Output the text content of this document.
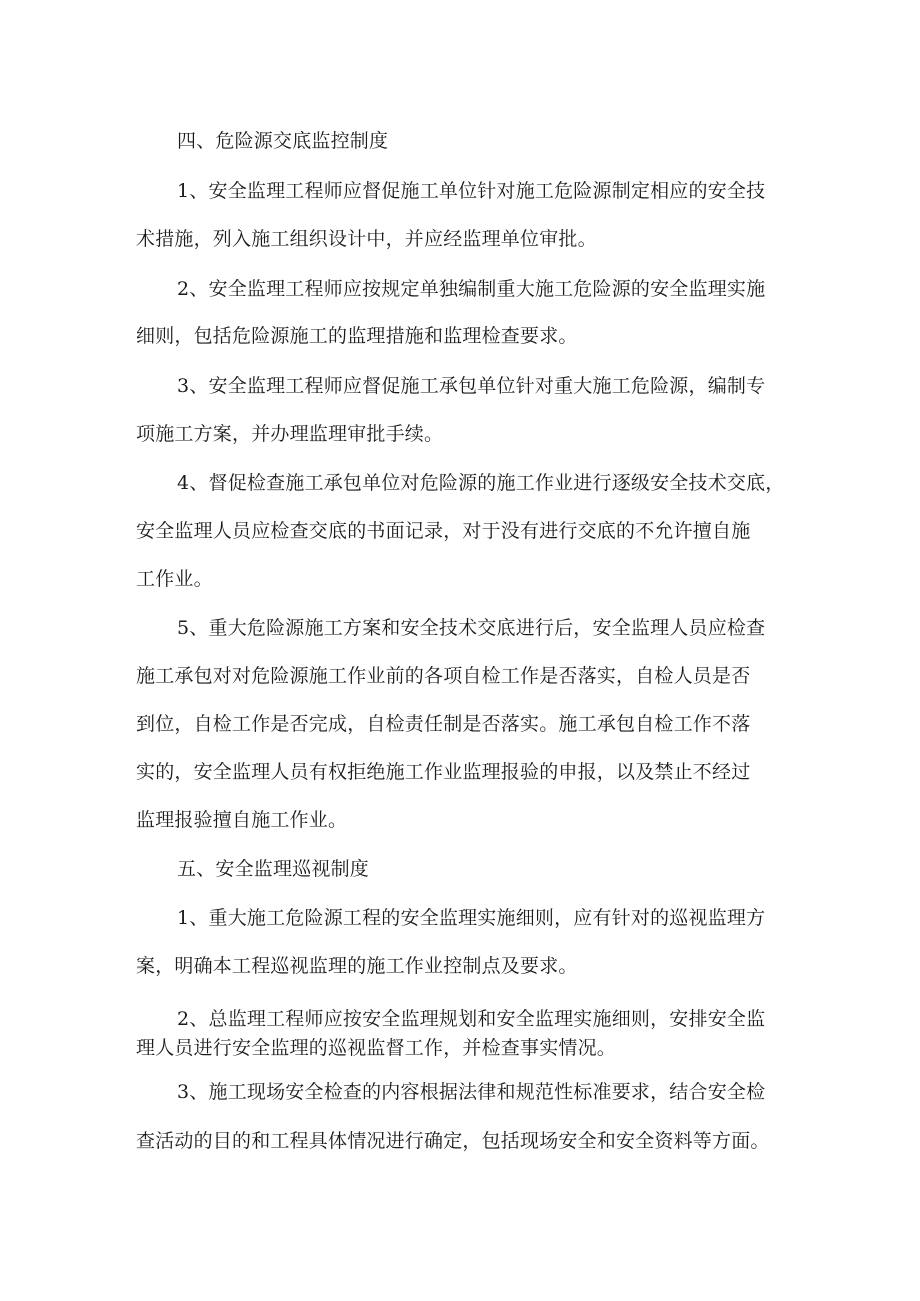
四、危险源交底监控制度
1、安全监理工程师应督促施工单位针对施工危险源制定相应的安全技
术措施，列入施工组织设计中，并应经监理单位审批。
2、安全监理工程师应按规定单独编制重大施工危险源的安全监理实施
细则，包括危险源施工的监理措施和监理检查要求。
3、安全监理工程师应督促施工承包单位针对重大施工危险源，编制专
项施工方案，并办理监理审批手续。
4、督促检查施工承包单位对危险源的施工作业进行逐级安全技术交底，
安全监理人员应检查交底的书面记录，对于没有进行交底的不允许擅自施
工作业。
5、重大危险源施工方案和安全技术交底进行后，安全监理人员应检查
施工承包对对危险源施工作业前的各项自检工作是否落实，自检人员是否
到位，自检工作是否完成，自检责任制是否落实。施工承包自检工作不落
实的，安全监理人员有权拒绝施工作业监理报验的申报，以及禁止不经过
监理报验擅自施工作业。
五、安全监理巡视制度
1、重大施工危险源工程的安全监理实施细则，应有针对的巡视监理方
案，明确本工程巡视监理的施工作业控制点及要求。
2、总监理工程师应按安全监理规划和安全监理实施细则，安排安全监
理人员进行安全监理的巡视监督工作，并检查事实情况。
3、施工现场安全检查的内容根据法律和规范性标准要求，结合安全检
查活动的目的和工程具体情况进行确定，包括现场安全和安全资料等方面。
